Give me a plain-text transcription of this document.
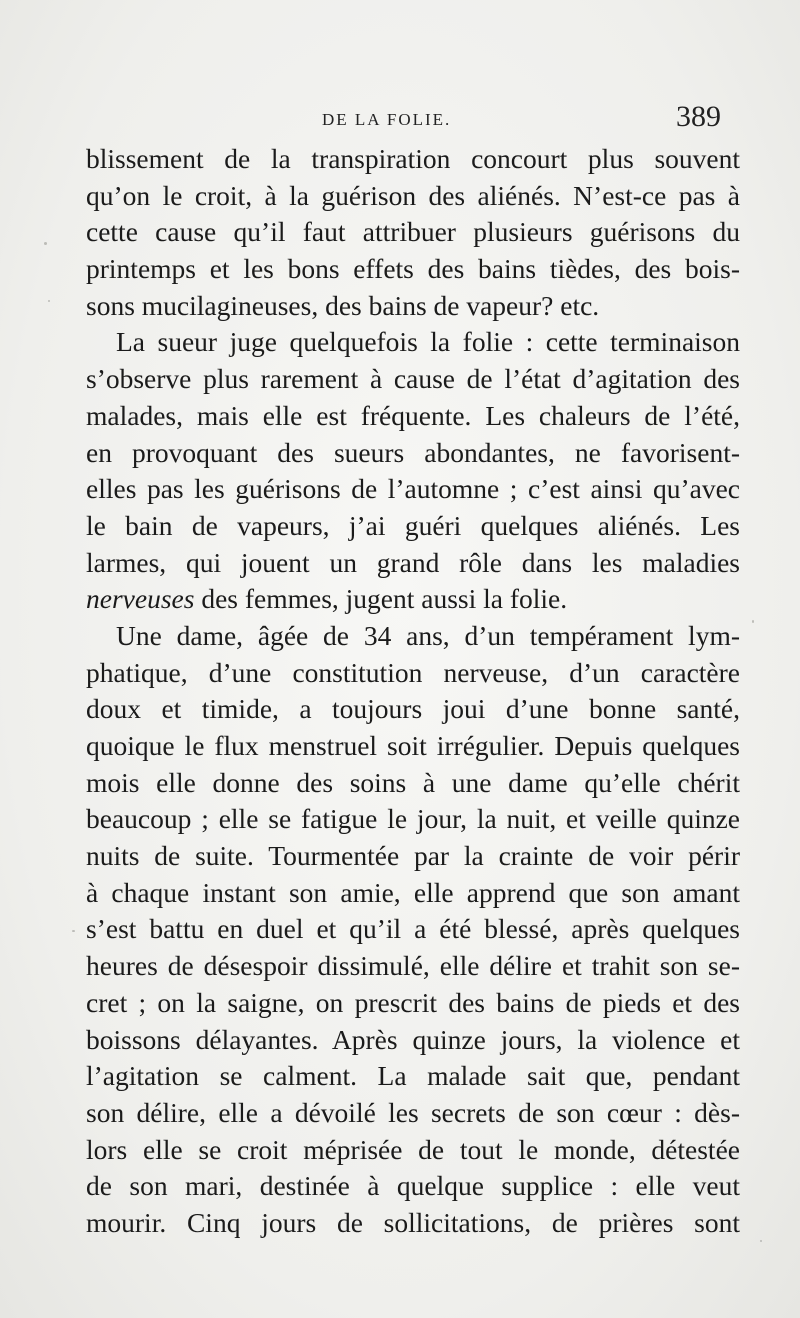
DE LA FOLIE.	389
blissement de la transpiration concourt plus souvent
qu’on le croit, à la guérison des aliénés. N’est-ce pas à
cette cause qu’il faut attribuer plusieurs guérisons du
printemps et les bons effets des bains tièdes, des bois-
sons mucilagineuses, des bains de vapeur? etc.
La sueur juge quelquefois la folie : cette terminaison
s’observe plus rarement à cause de l’état d’agitation des
malades, mais elle est fréquente. Les chaleurs de l’été,
en provoquant des sueurs abondantes, ne favorisent-
elles pas les guérisons de l’automne ; c’est ainsi qu’avec
le bain de vapeurs, j’ai guéri quelques aliénés. Les
larmes, qui jouent un grand rôle dans les maladies
nerveuses des femmes, jugent aussi la folie.
Une dame, âgée de 34 ans, d’un tempérament lym-
phatique, d’une constitution nerveuse, d’un caractère
doux et timide, a toujours joui d’une bonne santé,
quoique le flux menstruel soit irrégulier. Depuis quelques
mois elle donne des soins à une dame qu’elle chérit
beaucoup ; elle se fatigue le jour, la nuit, et veille quinze
nuits de suite. Tourmentée par la crainte de voir périr
à chaque instant son amie, elle apprend que son amant
s’est battu en duel et qu’il a été blessé, après quelques
heures de désespoir dissimulé, elle délire et trahit son se-
cret ; on la saigne, on prescrit des bains de pieds et des
boissons délayantes. Après quinze jours, la violence et
l’agitation se calment. La malade sait que, pendant
son délire, elle a dévoilé les secrets de son cœur : dès-
lors elle se croit méprisée de tout le monde, détestée
de son mari, destinée à quelque supplice : elle veut
mourir. Cinq jours de sollicitations, de prières sont
